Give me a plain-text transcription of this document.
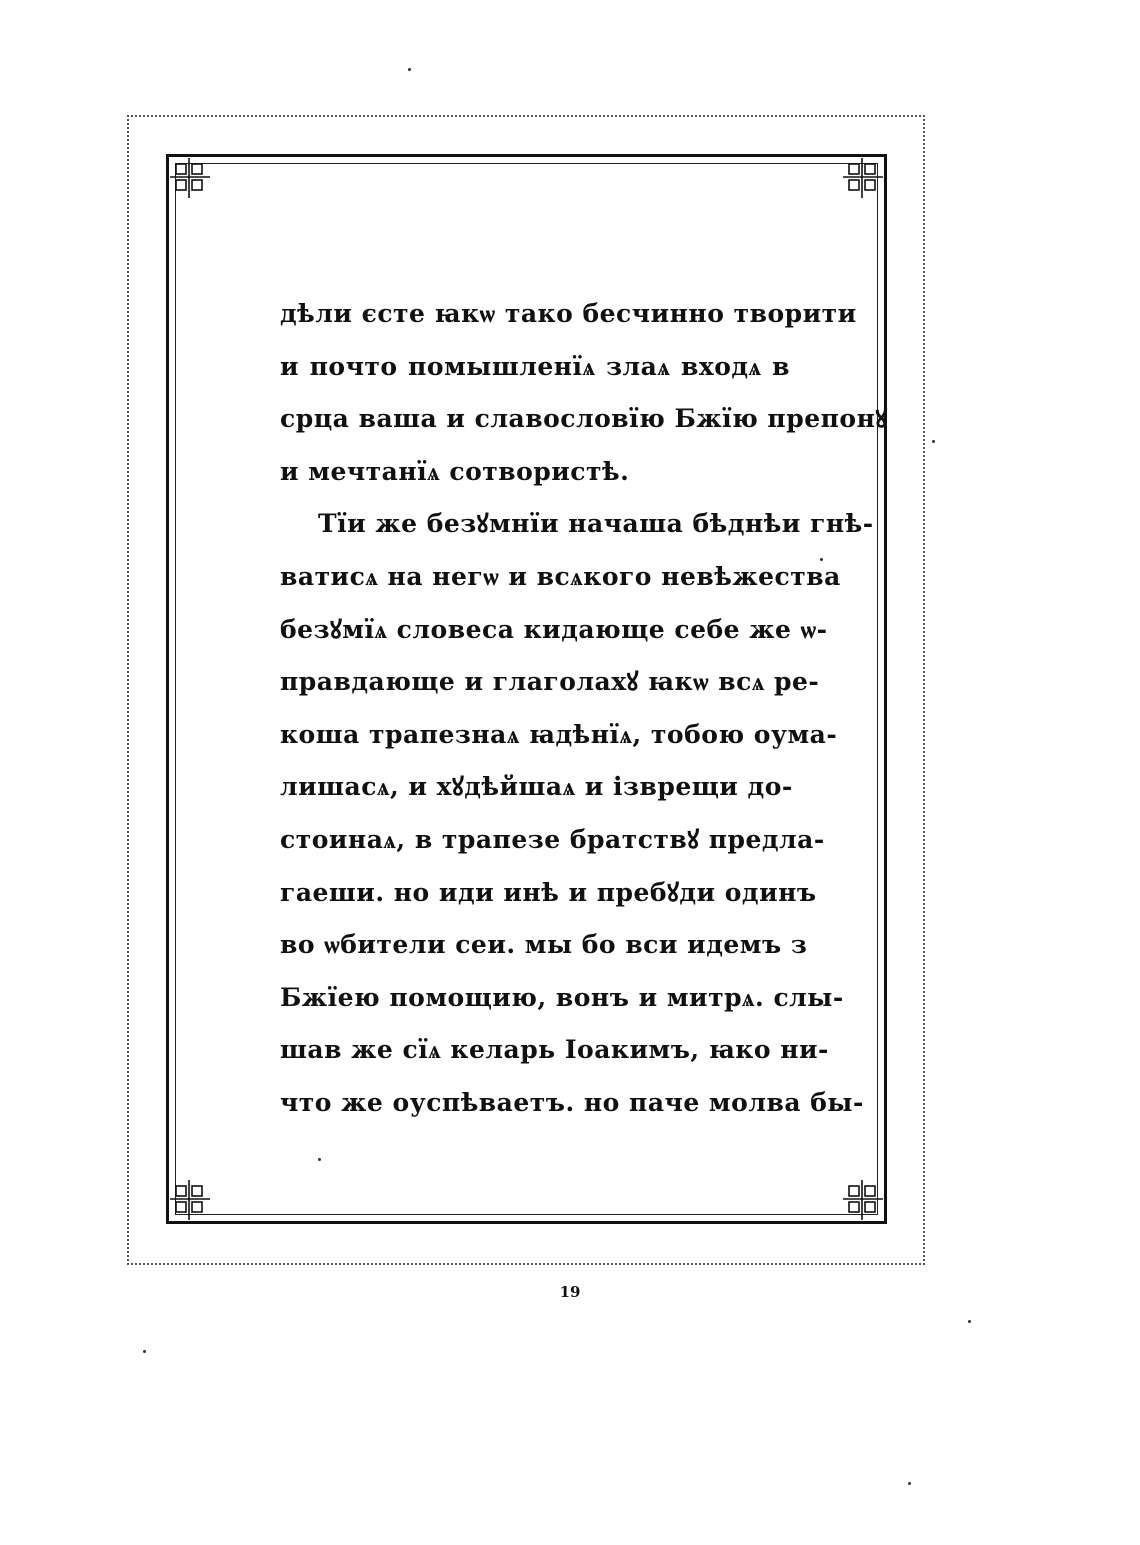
дѣли єсте ꙗкѡ тако бесчинно творити
и почто помышленїѧ злаѧ входѧ в
срца ваша и славословїю Бжїю препонꙋ
и мечтанїѧ сотвористѣ.
Тїи же безꙋмнїи начаша бѣднѣи гнѣ-
ватисѧ на негѡ и всѧкого невѣжества
безꙋмїѧ словеса кидающе себе же ѡ-
правдающе и глаголахꙋ ꙗкѡ всѧ ре-
коша трапезнаѧ ꙗдѣнїѧ, тобою оумa-
лишасѧ, и хꙋдѣйшаѧ и ізврещи до-
стоинаѧ, в трапезе братствꙋ предла-
гаеши. но иди инѣ и пребꙋди одинъ
во ѡбители сеи. мы бо вси идемъ з
Бжїею помощию, вонъ и митрѧ. слы-
шав же сїѧ келарь Іоакимъ, ꙗко ни-
что же оуспѣваетъ. но паче молва бы-
19
